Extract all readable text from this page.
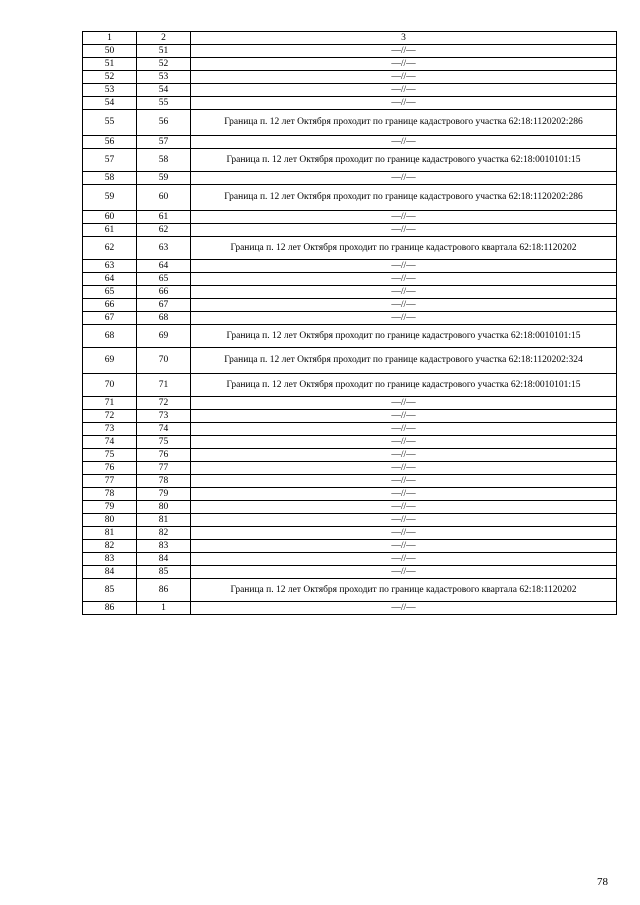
1	2	3
50	51	—//—
51	52	—//—
52	53	—//—
53	54	—//—
54	55	—//—
55	56	Граница п. 12 лет Октября проходит по границе кадастрового участка 62:18:1120202:286
56	57	—//—
57	58	Граница п. 12 лет Октября проходит по границе кадастрового участка 62:18:0010101:15
58	59	—//—
59	60	Граница п. 12 лет Октября проходит по границе кадастрового участка 62:18:1120202:286
60	61	—//—
61	62	—//—
62	63	Граница п. 12 лет Октября проходит по границе кадастрового квартала 62:18:1120202
63	64	—//—
64	65	—//—
65	66	—//—
66	67	—//—
67	68	—//—
68	69	Граница п. 12 лет Октября проходит по границе кадастрового участка 62:18:0010101:15
69	70	Граница п. 12 лет Октября проходит по границе кадастрового участка 62:18:1120202:324
70	71	Граница п. 12 лет Октября проходит по границе кадастрового участка 62:18:0010101:15
71	72	—//—
72	73	—//—
73	74	—//—
74	75	—//—
75	76	—//—
76	77	—//—
77	78	—//—
78	79	—//—
79	80	—//—
80	81	—//—
81	82	—//—
82	83	—//—
83	84	—//—
84	85	—//—
85	86	Граница п. 12 лет Октября проходит по границе кадастрового квартала 62:18:1120202
86	1	—//—
78
